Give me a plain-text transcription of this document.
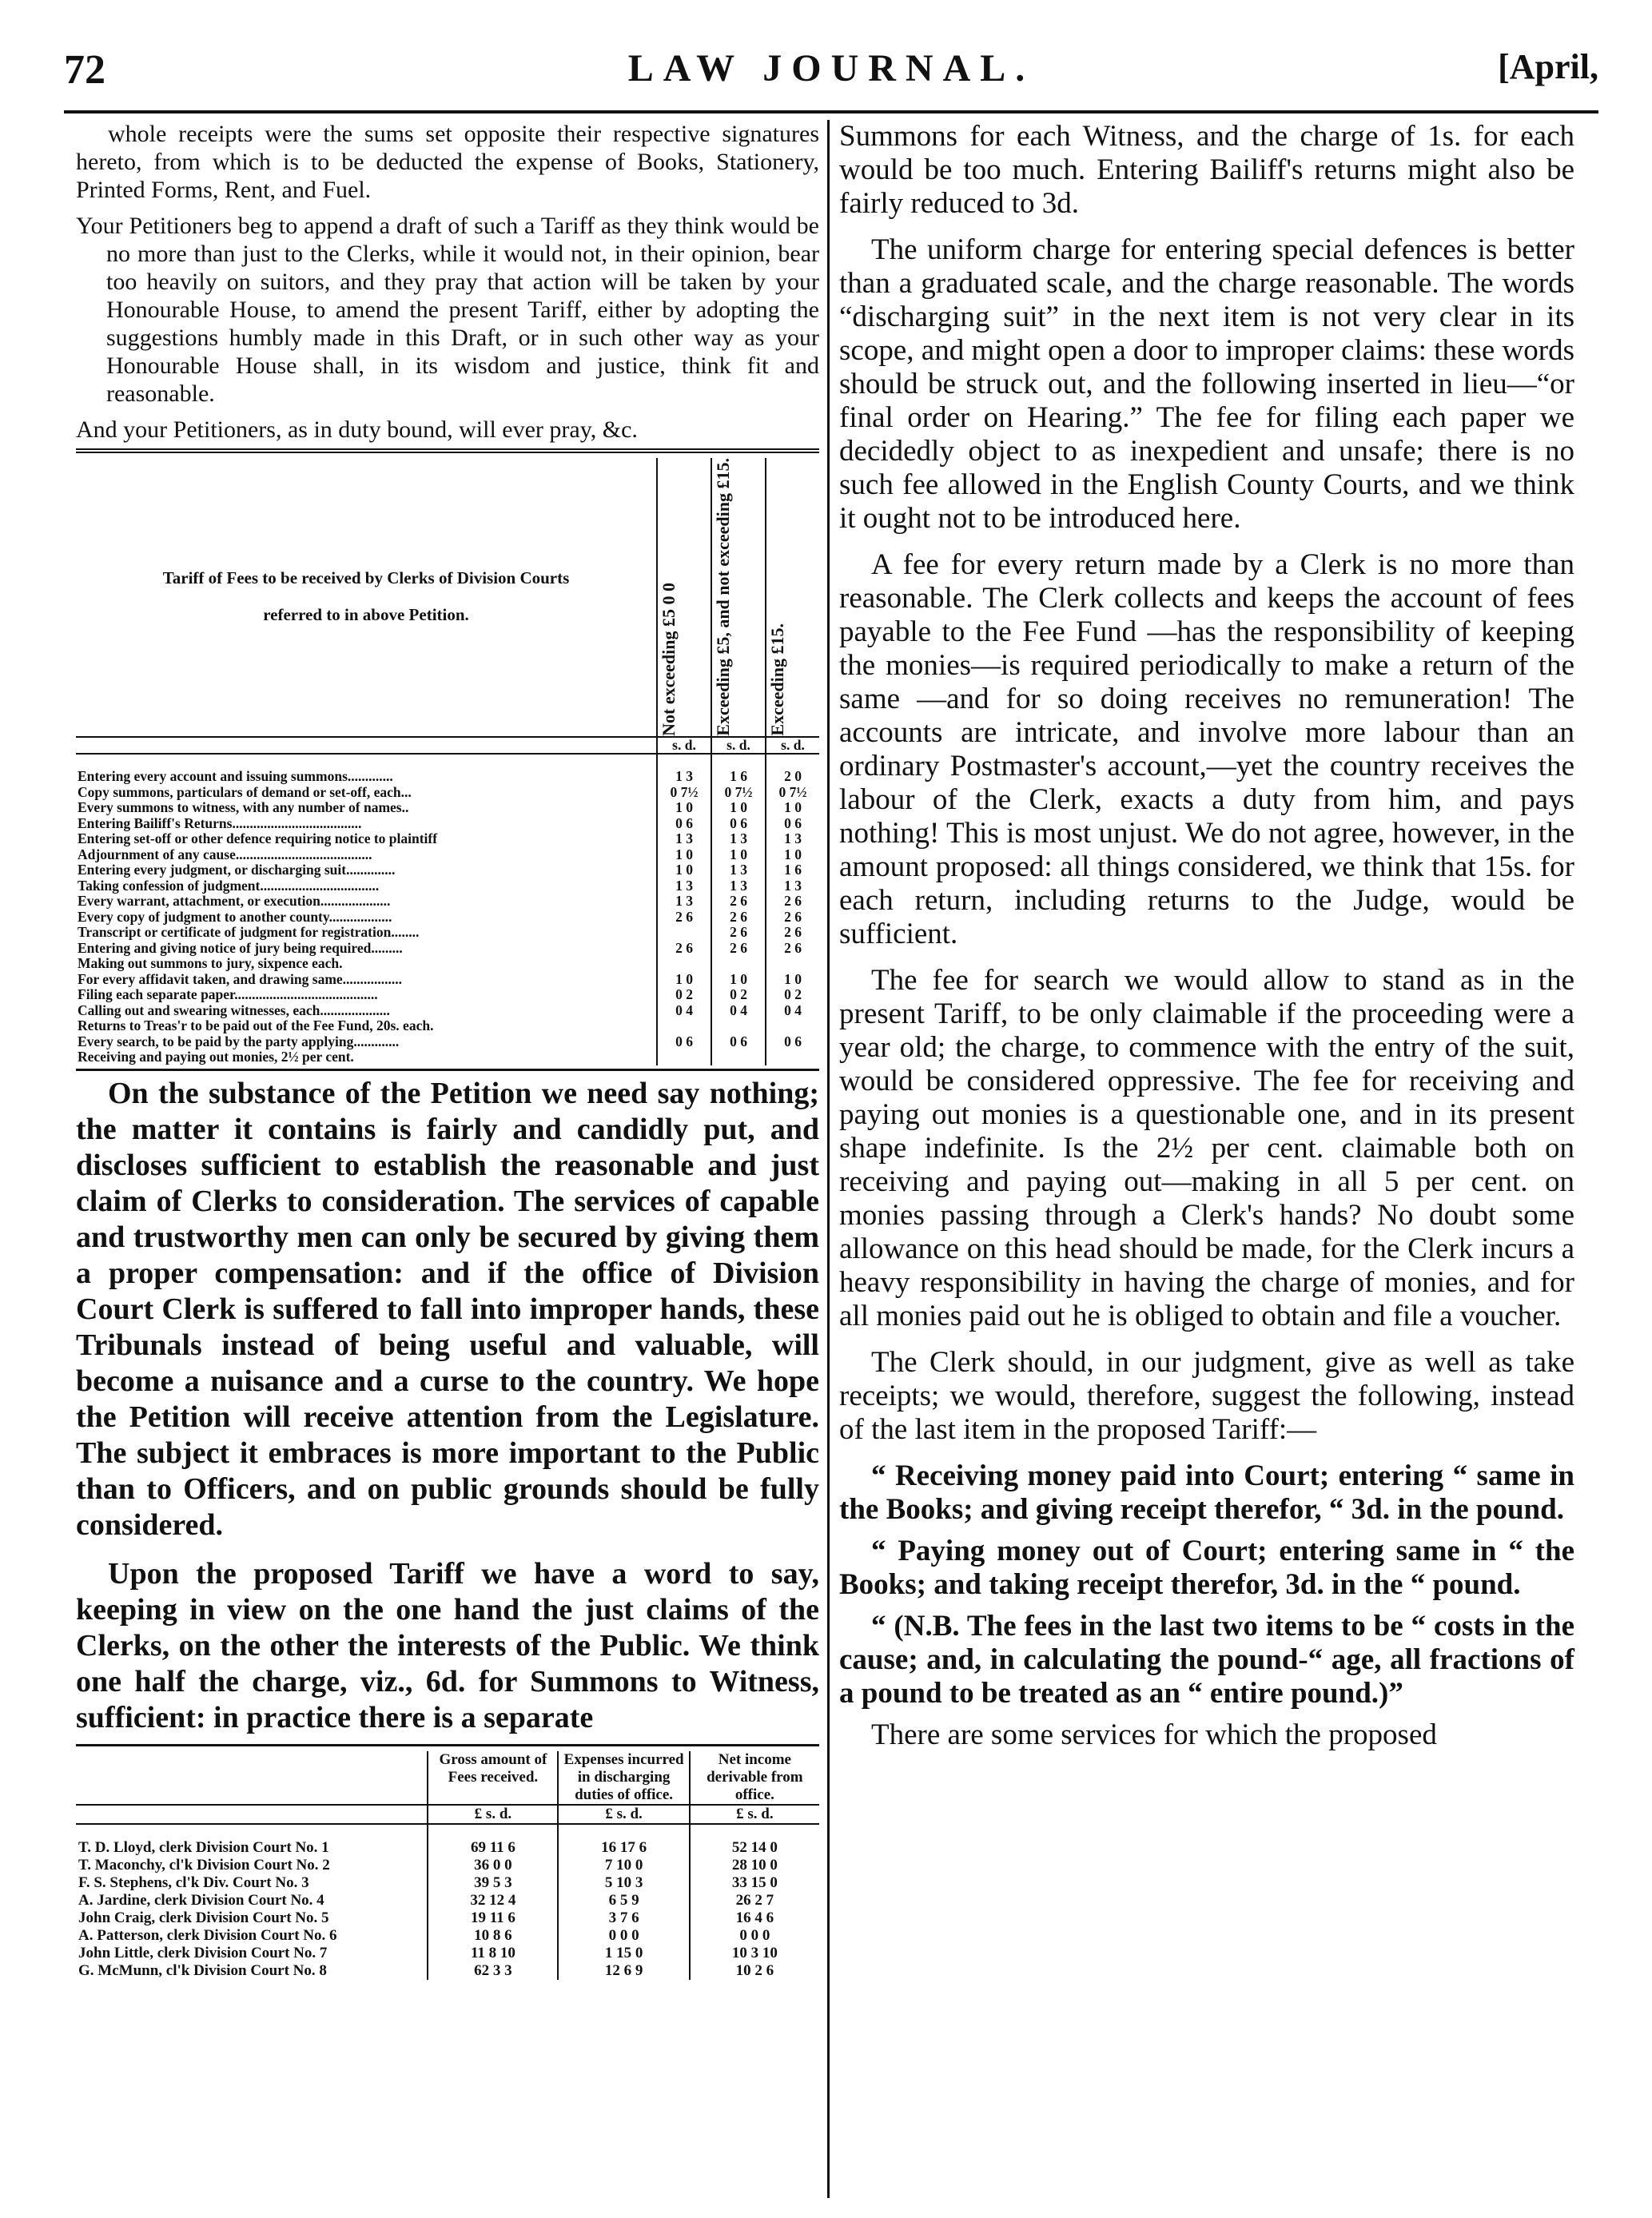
72	LAW JOURNAL.	[April,

whole receipts were the sums set opposite their respective signatures hereto, from which is to be deducted the expense of Books, Stationery, Printed Forms, Rent, and Fuel.

Your Petitioners beg to append a draft of such a Tariff as they think would be no more than just to the Clerks, while it would not, in their opinion, bear too heavily on suitors, and they pray that action will be taken by your Honourable House, to amend the present Tariff, either by adopting the suggestions humbly made in this Draft, or in such other way as your Honourable House shall, in its wisdom and justice, think fit and reasonable.

And your Petitioners, as in duty bound, will ever pray, &c.

Tariff of Fees to be received by Clerks of Division Courts
referred to in above Petition.	Not exceeding £5 0 0	Exceeding £5, and not exceeding £15.	Exceeding £15.

	s. d.	s. d.	s. d.

Entering every account and issuing summons.............	1 3	1 6	2 0
Copy summons, particulars of demand or set-off, each...	0 7½	0 7½	0 7½
Every summons to witness, with any number of names..	1 0	1 0	1 0
Entering Bailiff's Returns.....................................	0 6	0 6	0 6
Entering set-off or other defence requiring notice to plaintiff	1 3	1 3	1 3
Adjournment of any cause.......................................	1 0	1 0	1 0
Entering every judgment, or discharging suit..............	1 0	1 3	1 6
Taking confession of judgment..................................	1 3	1 3	1 3
Every warrant, attachment, or execution....................	1 3	2 6	2 6
Every copy of judgment to another county..................	2 6	2 6	2 6
Transcript or certificate of judgment for registration........		2 6	2 6
Entering and giving notice of jury being required.........	2 6	2 6	2 6
Making out summons to jury, sixpence each.			
For every affidavit taken, and drawing same.................	1 0	1 0	1 0
Filing each separate paper.........................................	0 2	0 2	0 2
Calling out and swearing witnesses, each....................	0 4	0 4	0 4
Returns to Treas'r to be paid out of the Fee Fund, 20s. each.			
Every search, to be paid by the party applying.............	0 6	0 6	0 6
Receiving and paying out monies, 2½ per cent.			

On the substance of the Petition we need say nothing; the matter it contains is fairly and candidly put, and discloses sufficient to establish the reasonable and just claim of Clerks to consideration. The services of capable and trustworthy men can only be secured by giving them a proper compensation: and if the office of Division Court Clerk is suffered to fall into improper hands, these Tribunals instead of being useful and valuable, will become a nuisance and a curse to the country. We hope the Petition will receive attention from the Legislature. The subject it embraces is more important to the Public than to Officers, and on public grounds should be fully considered.

Upon the proposed Tariff we have a word to say, keeping in view on the one hand the just claims of the Clerks, on the other the interests of the Public. We think one half the charge, viz., 6d. for Summons to Witness, sufficient: in practice there is a separate

	Gross amount of Fees received.	Expenses incurred in discharging duties of office.	Net income derivable from office.
	£ s. d.	£ s. d.	£ s. d.

T. D. Lloyd, clerk Division Court No. 1	69 11 6	16 17 6	52 14 0
T. Maconchy, cl'k Division Court No. 2	36 0 0	7 10 0	28 10 0
F. S. Stephens, cl'k Div. Court No. 3	39 5 3	5 10 3	33 15 0
A. Jardine, clerk Division Court No. 4	32 12 4	6 5 9	26 2 7
John Craig, clerk Division Court No. 5	19 11 6	3 7 6	16 4 6
A. Patterson, clerk Division Court No. 6	10 8 6	0 0 0	0 0 0
John Little, clerk Division Court No. 7	11 8 10	1 15 0	10 3 10
G. McMunn, cl'k Division Court No. 8	62 3 3	12 6 9	10 2 6

Summons for each Witness, and the charge of 1s. for each would be too much. Entering Bailiff's returns might also be fairly reduced to 3d.

The uniform charge for entering special defences is better than a graduated scale, and the charge reasonable. The words “discharging suit” in the next item is not very clear in its scope, and might open a door to improper claims: these words should be struck out, and the following inserted in lieu—“or final order on Hearing.” The fee for filing each paper we decidedly object to as inexpedient and unsafe; there is no such fee allowed in the English County Courts, and we think it ought not to be introduced here.

A fee for every return made by a Clerk is no more than reasonable. The Clerk collects and keeps the account of fees payable to the Fee Fund —has the responsibility of keeping the monies—is required periodically to make a return of the same —and for so doing receives no remuneration! The accounts are intricate, and involve more labour than an ordinary Postmaster's account,—yet the country receives the labour of the Clerk, exacts a duty from him, and pays nothing! This is most unjust. We do not agree, however, in the amount proposed: all things considered, we think that 15s. for each return, including returns to the Judge, would be sufficient.

The fee for search we would allow to stand as in the present Tariff, to be only claimable if the proceeding were a year old; the charge, to commence with the entry of the suit, would be considered oppressive. The fee for receiving and paying out monies is a questionable one, and in its present shape indefinite. Is the 2½ per cent. claimable both on receiving and paying out—making in all 5 per cent. on monies passing through a Clerk's hands? No doubt some allowance on this head should be made, for the Clerk incurs a heavy responsibility in having the charge of monies, and for all monies paid out he is obliged to obtain and file a voucher.

The Clerk should, in our judgment, give as well as take receipts; we would, therefore, suggest the following, instead of the last item in the proposed Tariff:—

“ Receiving money paid into Court; entering “ same in the Books; and giving receipt therefor, “ 3d. in the pound.

“ Paying money out of Court; entering same in “ the Books; and taking receipt therefor, 3d. in the “ pound.

“ (N.B. The fees in the last two items to be “ costs in the cause; and, in calculating the pound-“ age, all fractions of a pound to be treated as an “ entire pound.)”

There are some services for which the proposed
